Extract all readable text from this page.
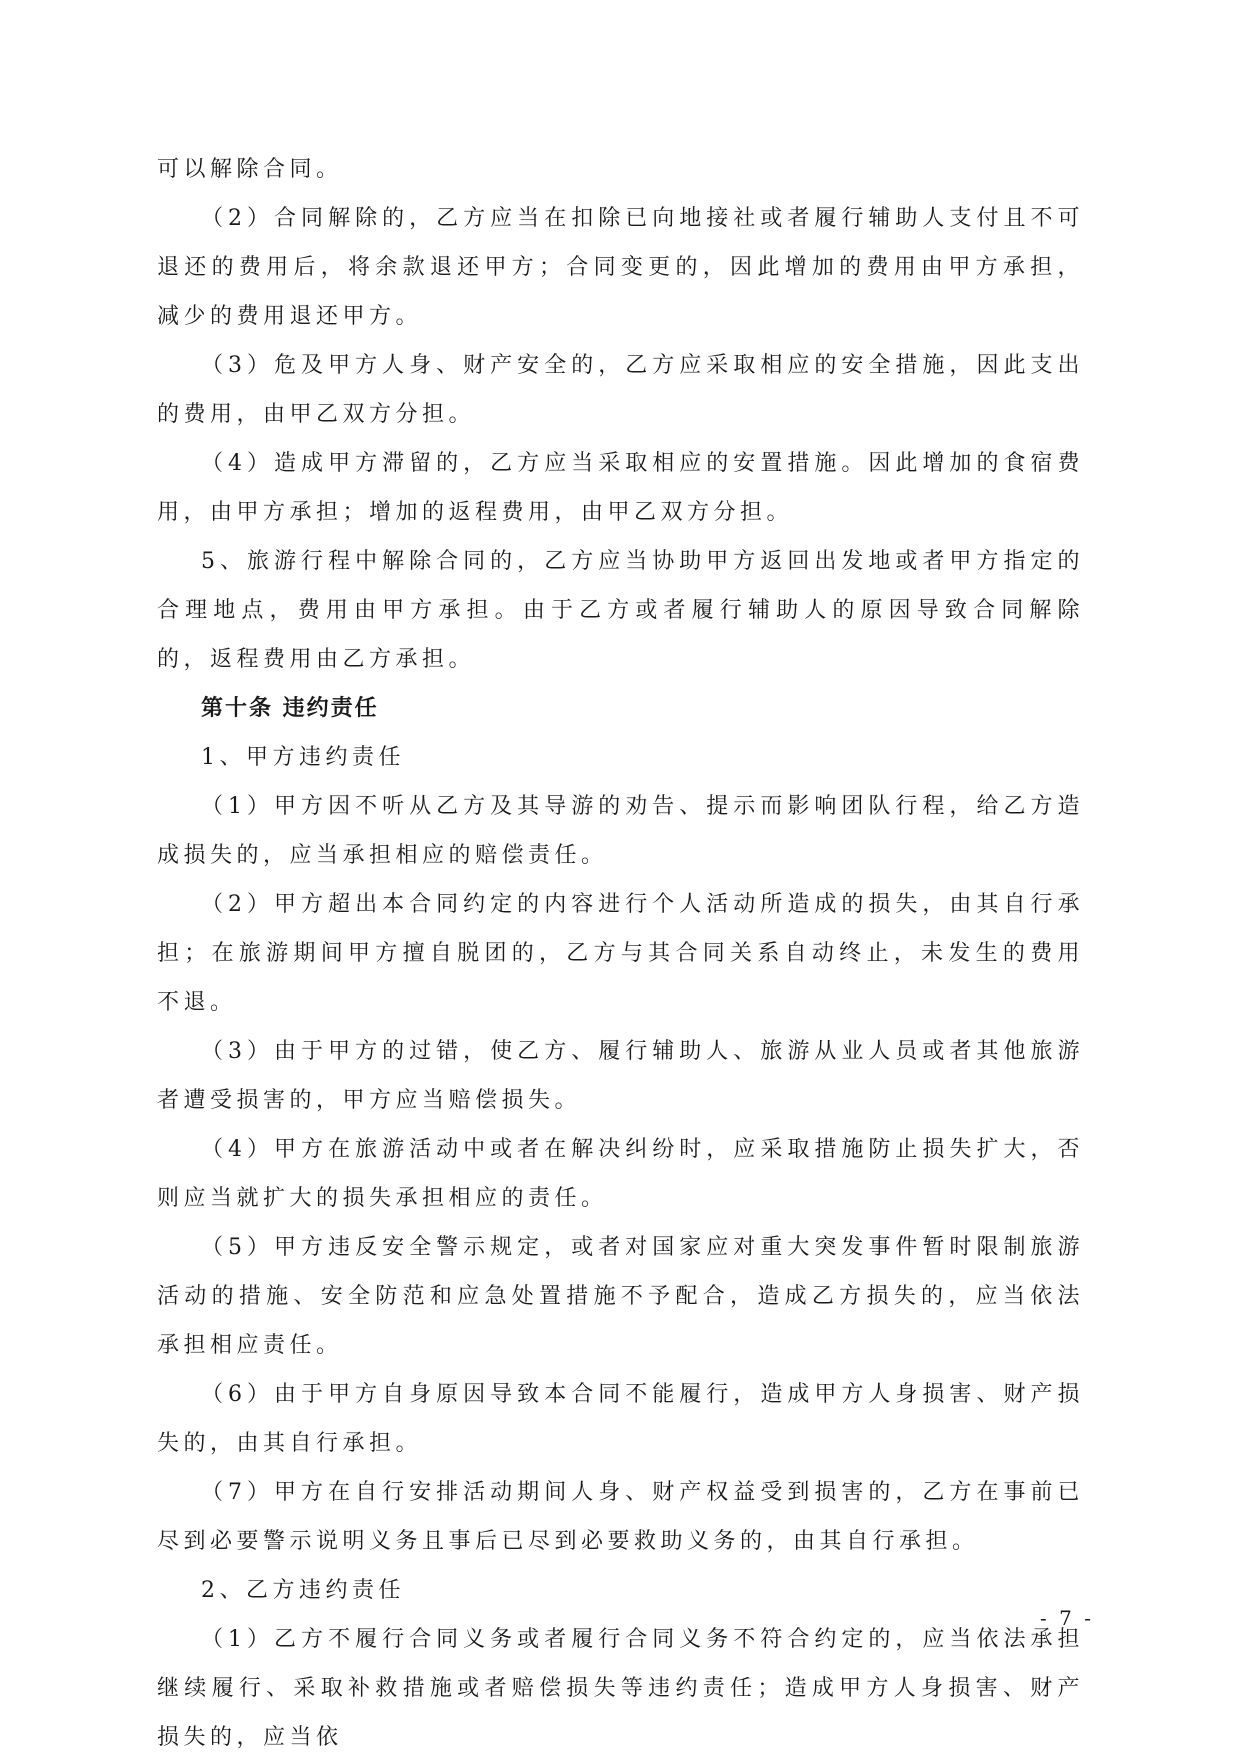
可以解除合同。

（2）合同解除的，乙方应当在扣除已向地接社或者履行辅助人支付且不可退还的费用后，将余款退还甲方；合同变更的，因此增加的费用由甲方承担，减少的费用退还甲方。

（3）危及甲方人身、财产安全的，乙方应采取相应的安全措施，因此支出的费用，由甲乙双方分担。

（4）造成甲方滞留的，乙方应当采取相应的安置措施。因此增加的食宿费用，由甲方承担；增加的返程费用，由甲乙双方分担。

5、旅游行程中解除合同的，乙方应当协助甲方返回出发地或者甲方指定的合理地点，费用由甲方承担。由于乙方或者履行辅助人的原因导致合同解除的，返程费用由乙方承担。

第十条 违约责任

1、甲方违约责任

（1）甲方因不听从乙方及其导游的劝告、提示而影响团队行程，给乙方造成损失的，应当承担相应的赔偿责任。

（2）甲方超出本合同约定的内容进行个人活动所造成的损失，由其自行承担；在旅游期间甲方擅自脱团的，乙方与其合同关系自动终止，未发生的费用不退。

（3）由于甲方的过错，使乙方、履行辅助人、旅游从业人员或者其他旅游者遭受损害的，甲方应当赔偿损失。

（4）甲方在旅游活动中或者在解决纠纷时，应采取措施防止损失扩大，否则应当就扩大的损失承担相应的责任。

（5）甲方违反安全警示规定，或者对国家应对重大突发事件暂时限制旅游活动的措施、安全防范和应急处置措施不予配合，造成乙方损失的，应当依法承担相应责任。

（6）由于甲方自身原因导致本合同不能履行，造成甲方人身损害、财产损失的，由其自行承担。

（7）甲方在自行安排活动期间人身、财产权益受到损害的，乙方在事前已尽到必要警示说明义务且事后已尽到必要救助义务的，由其自行承担。

2、乙方违约责任

（1）乙方不履行合同义务或者履行合同义务不符合约定的，应当依法承担继续履行、采取补救措施或者赔偿损失等违约责任；造成甲方人身损害、财产损失的，应当依

- 7 -
